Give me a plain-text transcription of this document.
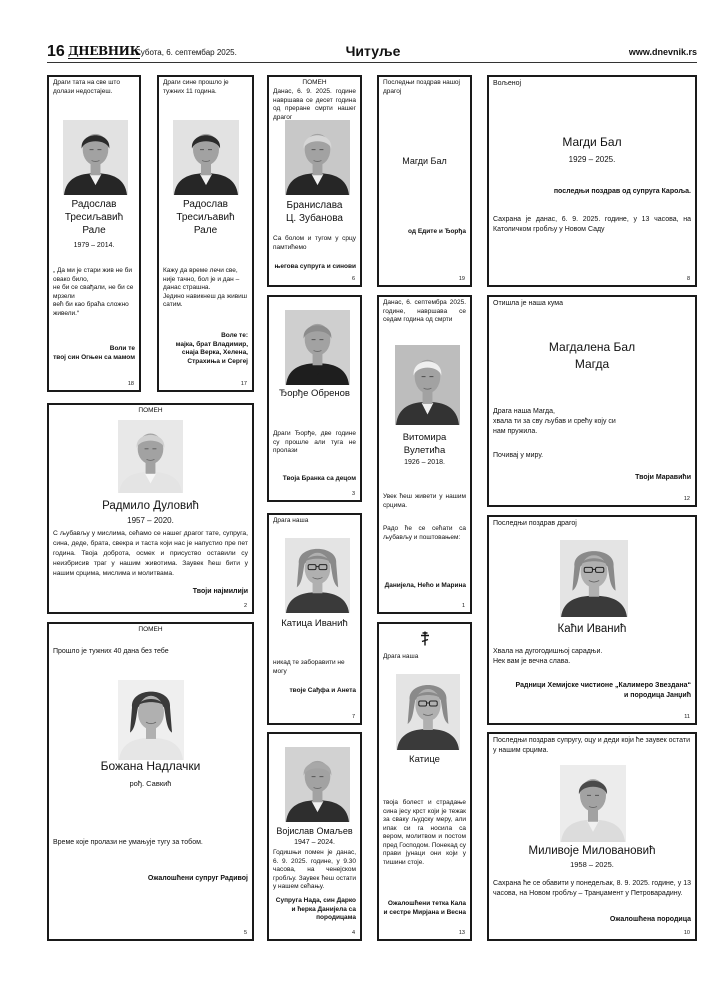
16 ДНЕВНИК
Субота, 6. септембар 2025.	Читуље	www.dnevnik.rs
Драги тата на све што долази недостајеш.
Радослав
Тресиљавић
Рале
1979 – 2014.
„ Да ми је стари жив не би овако било,
не би се свађали, не би се мрзели
већ би као браћа сложно живели.“
Воли те
твој син Огњен са мамом
18
Драги сине прошло је тужних 11 година.
Радослав
Тресиљавић
Рале
Кажу да време лечи све, није тачно, бол је и дан – данас страшна.
Једино навикнеш да живиш сатим.
Воле те:
мајка, брат Владимир,
снаја Верка, Хелена,
Страхиња и Сергеј
17
ПОМЕН
Данас, 6. 9. 2025. године навршава се десет година од преране смрти нашег драгог
Бранислава
Ц. Зубанова
Са болом и тугом у срцу памтићемо
његова супруга и синови
6
Последњи поздрав нашој драгој
Магди Бал
од Едите и Ђорђа
19
Вољеној
Магди Бал
1929 – 2025.
последњи поздрав од супруга Кароља.
Сахрана је данас, 6. 9. 2025. године, у 13 часова, на Католичком гробљу у Новом Саду
8
Ђорђе Обренов
Драги Ђорђе, две године су прошле али туга не пролази
Твоја Бранка са децом
3
Данас, 6. септембра 2025. године, навршава се седам година од смрти
Витомира
Вулетића
1926 – 2018.
Увек ћеш живети у нашим срцима.
Радо ће се сећати са љубављу и поштовањем:
Данијела, Нећо и Марина
1
Отишла је наша кума
Магдалена Бал
Магда
Драга наша Магда,
хвала ти за сву љубав и срећу коју си
нам пружила.
Почивај у миру.
Твоји Маравићи
12
ПОМЕН
Радмило Дуловић
1957 – 2020.
С љубављу у мислима, сећамо се нашег драгог тате, супруга, сина, деде, брата, свекра и таста који нас је напустио пре пет година. Твоја доброта, осмех и присуство оставили су неизбрисив траг у нашим животима. Заувек ћеш бити у нашим срцима, мислима и молитвама.
Твоји најмилији
2
Драга наша
Катица Иванић
никад те заборавити не могу
твоје Сађфа и Анета
7
Последњи поздрав драгој
Каћи Иванић
Хвала на дугогодишњој сарадњи.
Нек вам је вечна слава.
Радници Хемијске чистионе „Калимеро Звездана“
и породица Јанџић
11
ПОМЕН
Прошло је тужних 40 дана без тебе
Божана Надлачки
рођ. Савкић
Време које пролази не умањује тугу за тобом.
Ожалошћени супруг Радивој
5
Војислав Омаљев
1947 – 2024.
Годишњи помен је данас, 6. 9. 2025. године, у 9.30 часова, на ченејском гробљу. Заувек ћеш остати у нашем сећању.
Супруга Нада, син Дарко и ћерка Данијела са породицама
4
Драга наша
Катице
твоја болест и страдање сина јесу крст који је тежак за сваку људску меру, али ипак си га носила са вером, молитвом и постом пред Господом. Понекад су прави јунаци они који у тишини стоје.
Ожалошћени тетка Кала и сестре Мирјана и Весна
13
Последњи поздрав супругу, оцу и деди који ће заувек остати у нашим срцима.
Миливоје Миловановић
1958 – 2025.
Сахрана ће се обавити у понедељак, 8. 9. 2025. године, у 13 часова, на Новом гробљу – Транџамент у Петроварадину.
Ожалошћена породица
10
